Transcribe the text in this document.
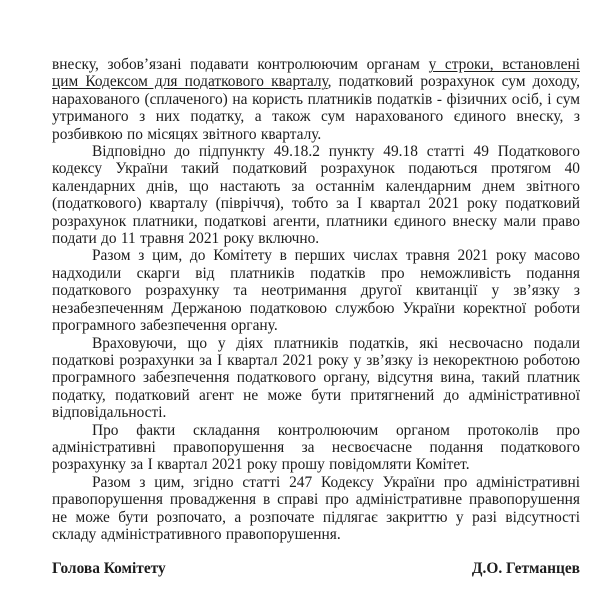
внеску, зобов’язані подавати контролюючим органам у строки, встановлені цим Кодексом для податкового кварталу, податковий розрахунок сум доходу, нарахованого (сплаченого) на користь платників податків - фізичних осіб, і сум утриманого з них податку, а також сум нарахованого єдиного внеску, з розбивкою по місяцях звітного кварталу.

Відповідно до підпункту 49.18.2 пункту 49.18 статті 49 Податкового кодексу України такий податковий розрахунок подаються протягом 40 календарних днів, що настають за останнім календарним днем звітного (податкового) кварталу (півріччя), тобто за І квартал 2021 року податковий розрахунок платники, податкові агенти, платники єдиного внеску мали право подати до 11 травня 2021 року включно.

Разом з цим, до Комітету в перших числах травня 2021 року масово надходили скарги від платників податків про неможливість подання податкового розрахунку та неотримання другої квитанції у зв’язку з незабезпеченням Держаною податковою службою України коректної роботи програмного забезпечення органу.

Враховуючи, що у діях платників податків, які несвочасно подали податкові розрахунки за І квартал 2021 року у зв’язку із некоректною роботою програмного забезпечення податкового органу, відсутня вина, такий платник податку, податковий агент не може бути притягнений до адміністративної відповідальності.

Про факти складання контролюючим органом протоколів про адміністративні правопорушення за несвоєчасне подання податкового розрахунку за І квартал 2021 року прошу повідомляти Комітет.

Разом з цим, згідно статті 247 Кодексу України про адміністративні правопорушення провадження в справі про адміністративне правопорушення не може бути розпочато, а розпочате підлягає закриттю у разі відсутності складу адміністративного правопорушення.

Голова Комітету	Д.О. Гетманцев
